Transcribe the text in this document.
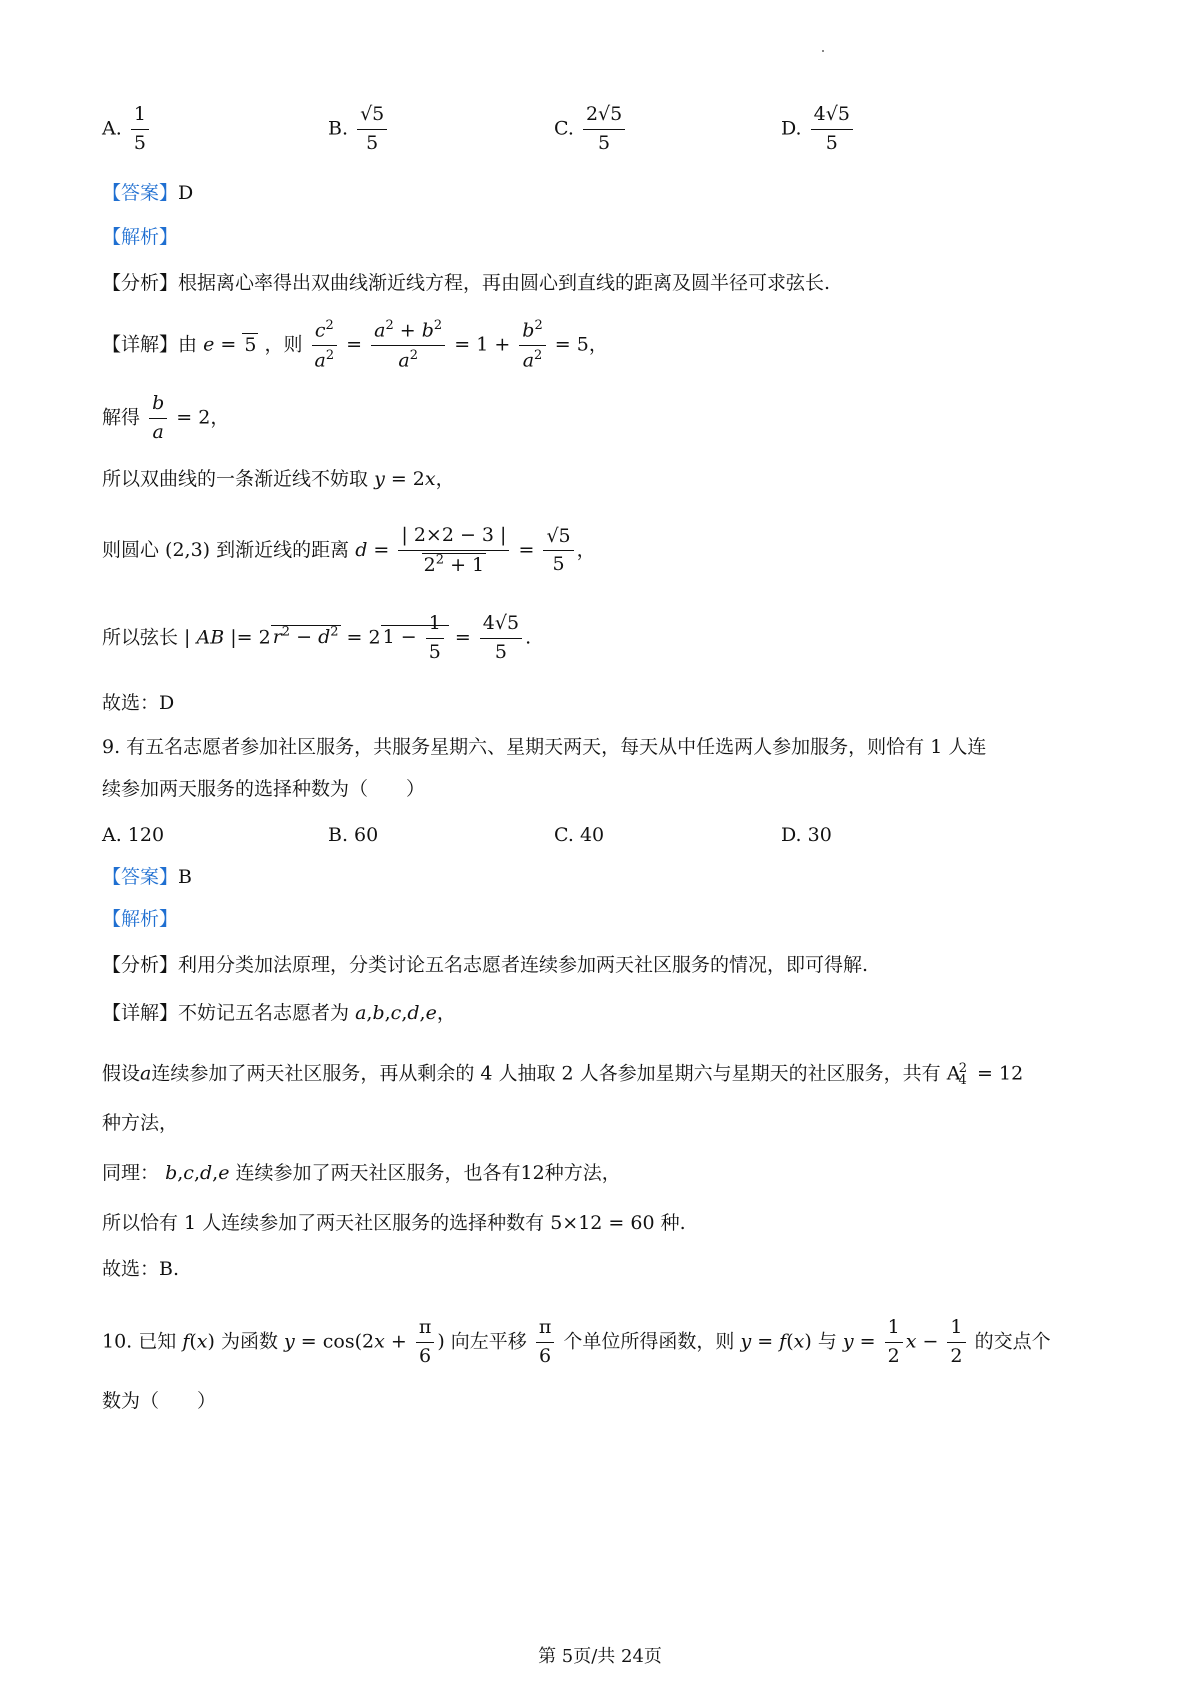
A. $\frac{1}{5}$	B. $\frac{√5}{5}$	C. $\frac{2√5}{5}$	D. $\frac{4√5}{5}$
【答案】D
【解析】
【分析】根据离心率得出双曲线渐近线方程，再由圆心到直线的距离及圆半径可求弦长.
【详解】由 e = 5 ，则 $\frac{c^2}{a^2} = \frac{a^2 + b^2}{a^2} = 1 + \frac{b^2}{a^2} = 5$，
解得 $\frac{b}{a} = 2$，
所以双曲线的一条渐近线不妨取 y = 2x，
则圆心 (2,3) 到渐近线的距离 $d = \frac{| 2\times 2 - 3 |}{2^2 + 1} = \frac{√5}{5}$ ，
所以弦长 | AB |= 2 $r^2 - d^2 = 2$ $1 - \frac{1}{5} = \frac{4√5}{5}$ .
故选：D
9. 有五名志愿者参加社区服务，共服务星期六、星期天两天，每天从中任选两人参加服务，则恰有 1 人连
续参加两天服务的选择种数为（　　）
A. 120	B. 60	C. 40	D. 30
【答案】B
【解析】
【分析】利用分类加法原理，分类讨论五名志愿者连续参加两天社区服务的情况，即可得解.
【详解】不妨记五名志愿者为 a,b,c,d,e，
假设a连续参加了两天社区服务，再从剩余的 4 人抽取 2 人各参加星期六与星期天的社区服务，共有 $A_4^2 = 12$
种方法，
同理： b,c,d,e 连续参加了两天社区服务，也各有12种方法，
所以恰有 1 人连续参加了两天社区服务的选择种数有 5×12 = 60 种.
故选：B.
10. 已知 f(x) 为函数 $y = \cos(2x + \frac{\pi}{6}$ ) 向左平移 $\frac{\pi}{6}$ 个单位所得函数，则 y = f(x) 与 $y = \frac{1}{2}$ $x - \frac{1}{2}$ 的交点个
数为（　　）
第 5页/共 24页
